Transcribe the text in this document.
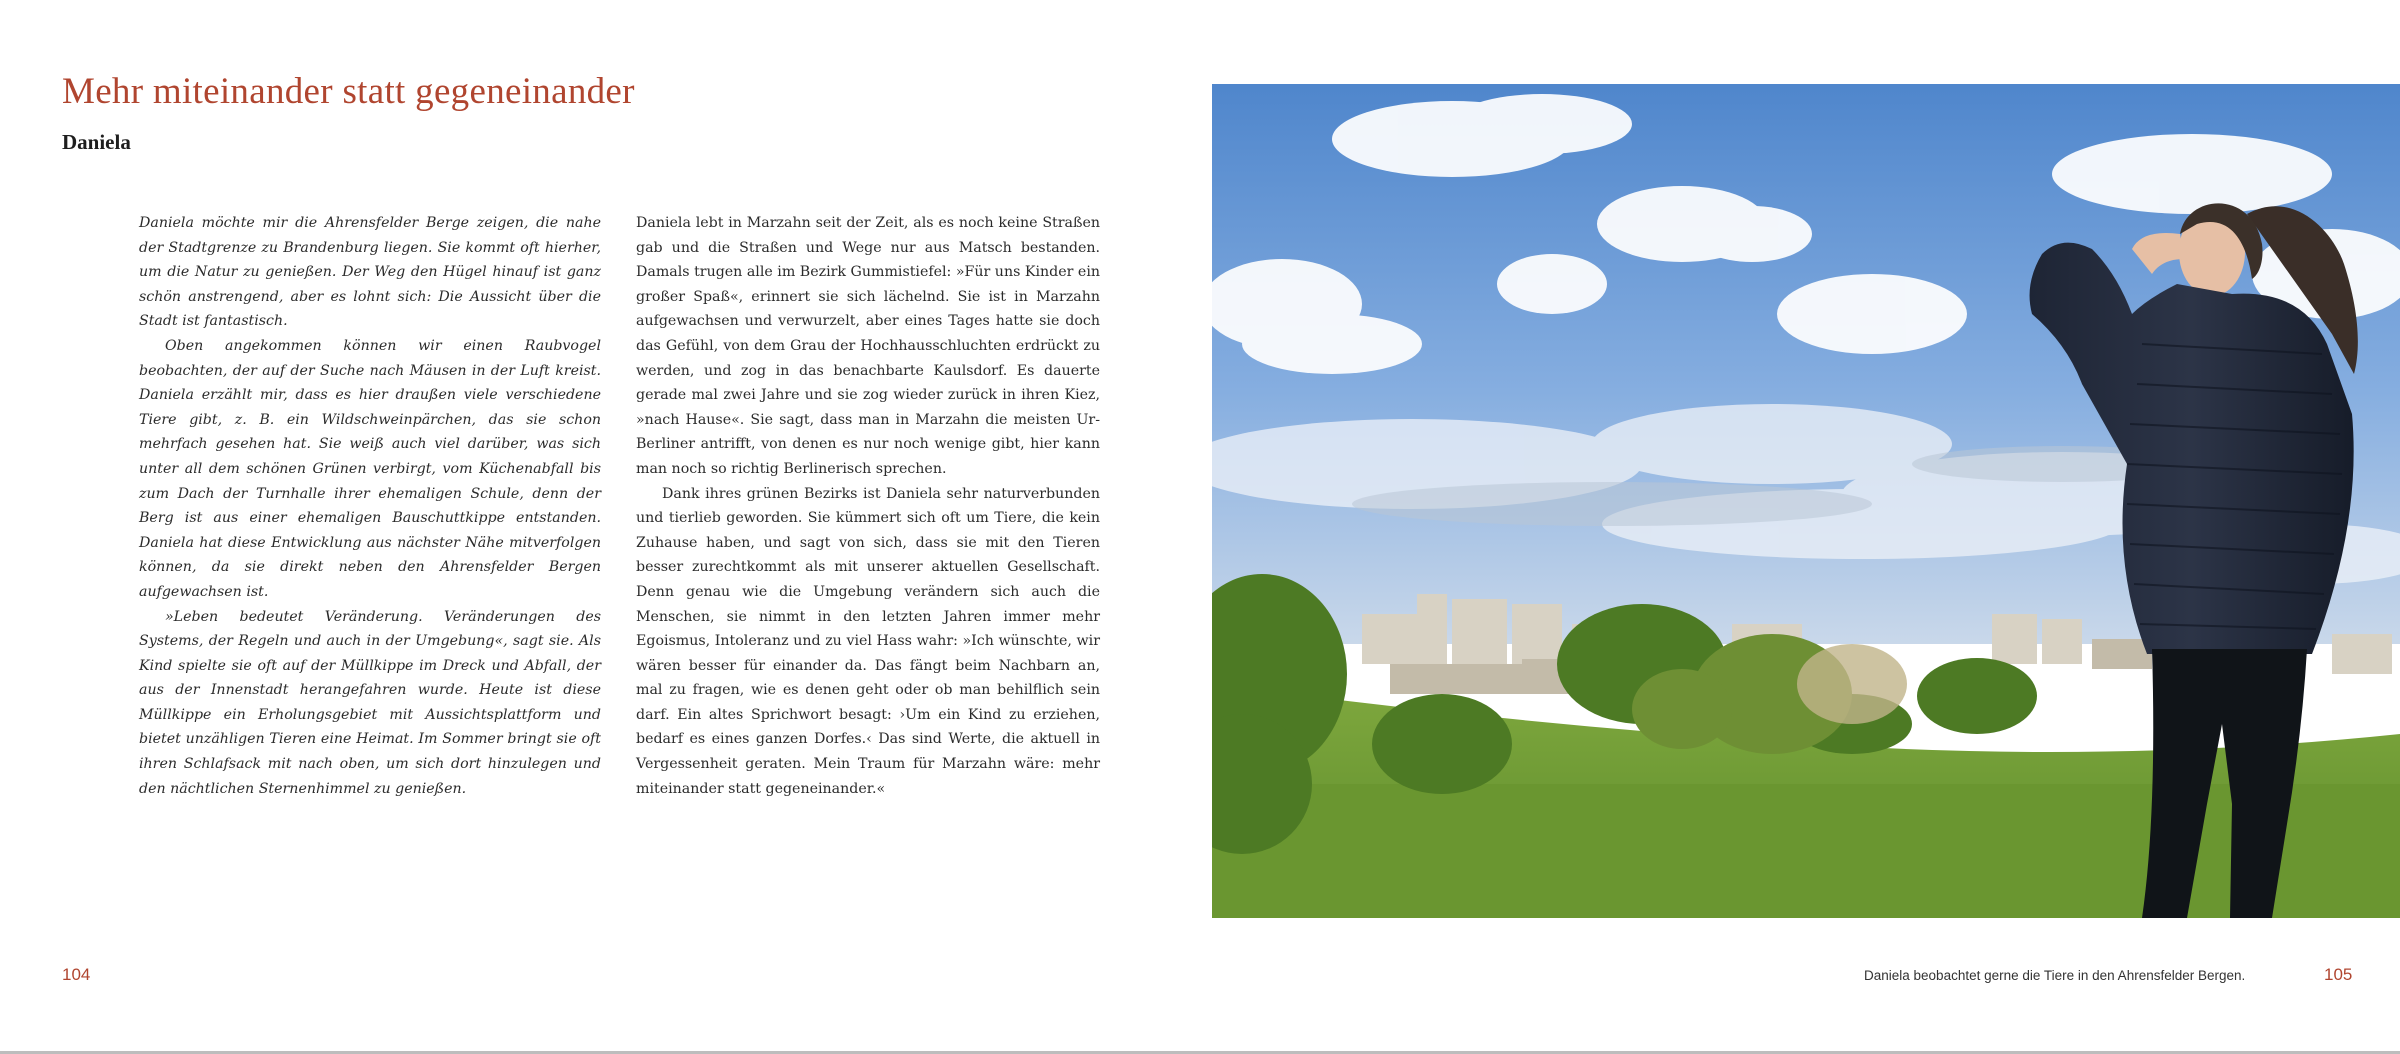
Mehr miteinander statt gegeneinander
Daniela

Daniela möchte mir die Ahrensfelder Berge zeigen, die nahe der Stadtgrenze zu Brandenburg liegen. Sie kommt oft hierher, um die Natur zu genießen. Der Weg den Hügel hinauf ist ganz schön anstrengend, aber es lohnt sich: Die Aussicht über die Stadt ist fantastisch.

Oben angekommen können wir einen Raubvogel beobachten, der auf der Suche nach Mäusen in der Luft kreist. Daniela erzählt mir, dass es hier draußen viele verschiedene Tiere gibt, z. B. ein Wildschweinpärchen, das sie schon mehrfach gesehen hat. Sie weiß auch viel darüber, was sich unter all dem schönen Grünen verbirgt, vom Küchenabfall bis zum Dach der Turnhalle ihrer ehemaligen Schule, denn der Berg ist aus einer ehemaligen Bauschuttkippe entstanden. Daniela hat diese Entwicklung aus nächster Nähe mitverfolgen können, da sie direkt neben den Ahrensfelder Bergen aufgewachsen ist.

»Leben bedeutet Veränderung. Veränderungen des Systems, der Regeln und auch in der Umgebung«, sagt sie. Als Kind spielte sie oft auf der Müllkippe im Dreck und Abfall, der aus der Innenstadt herangefahren wurde. Heute ist diese Müllkippe ein Erholungsgebiet mit Aussichtsplattform und bietet unzähligen Tieren eine Heimat. Im Sommer bringt sie oft ihren Schlafsack mit nach oben, um sich dort hinzulegen und den nächtlichen Sternenhimmel zu genießen.

Daniela lebt in Marzahn seit der Zeit, als es noch keine Straßen gab und die Straßen und Wege nur aus Matsch bestanden. Damals trugen alle im Bezirk Gummistiefel: »Für uns Kinder ein großer Spaß«, erinnert sie sich lächelnd. Sie ist in Marzahn aufgewachsen und verwurzelt, aber eines Tages hatte sie doch das Gefühl, von dem Grau der Hochhausschluchten erdrückt zu werden, und zog in das benachbarte Kaulsdorf. Es dauerte gerade mal zwei Jahre und sie zog wieder zurück in ihren Kiez, »nach Hause«. Sie sagt, dass man in Marzahn die meisten Ur-Berliner antrifft, von denen es nur noch wenige gibt, hier kann man noch so richtig Berlinerisch sprechen.

Dank ihres grünen Bezirks ist Daniela sehr naturverbunden und tierlieb geworden. Sie kümmert sich oft um Tiere, die kein Zuhause haben, und sagt von sich, dass sie mit den Tieren besser zurechtkommt als mit unserer aktuellen Gesellschaft. Denn genau wie die Umgebung verändern sich auch die Menschen, sie nimmt in den letzten Jahren immer mehr Egoismus, Intoleranz und zu viel Hass wahr: »Ich wünschte, wir wären besser für einander da. Das fängt beim Nachbarn an, mal zu fragen, wie es denen geht oder ob man behilflich sein darf. Ein altes Sprichwort besagt: ›Um ein Kind zu erziehen, bedarf es eines ganzen Dorfes.‹ Das sind Werte, die aktuell in Vergessenheit geraten. Mein Traum für Marzahn wäre: mehr miteinander statt gegeneinander.«

104	Daniela beobachtet gerne die Tiere in den Ahrensfelder Bergen.	105
